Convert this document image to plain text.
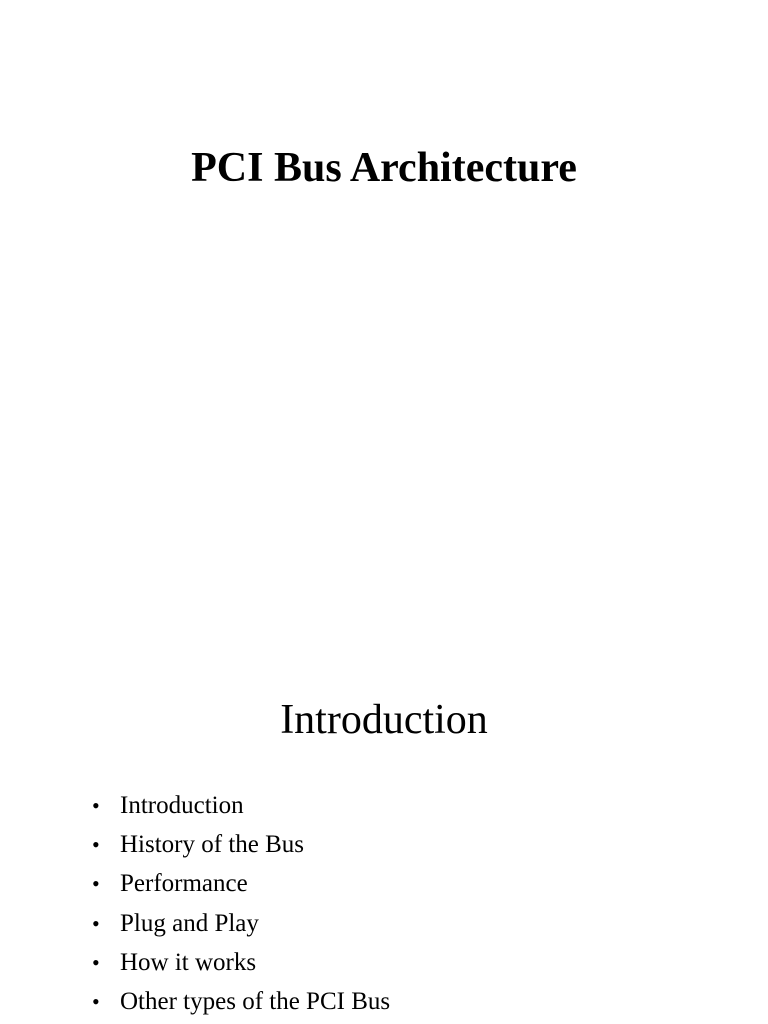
PCI Bus Architecture
Introduction
• Introduction
• History of the Bus
• Performance
• Plug and Play
• How it works
• Other types of the PCI Bus
